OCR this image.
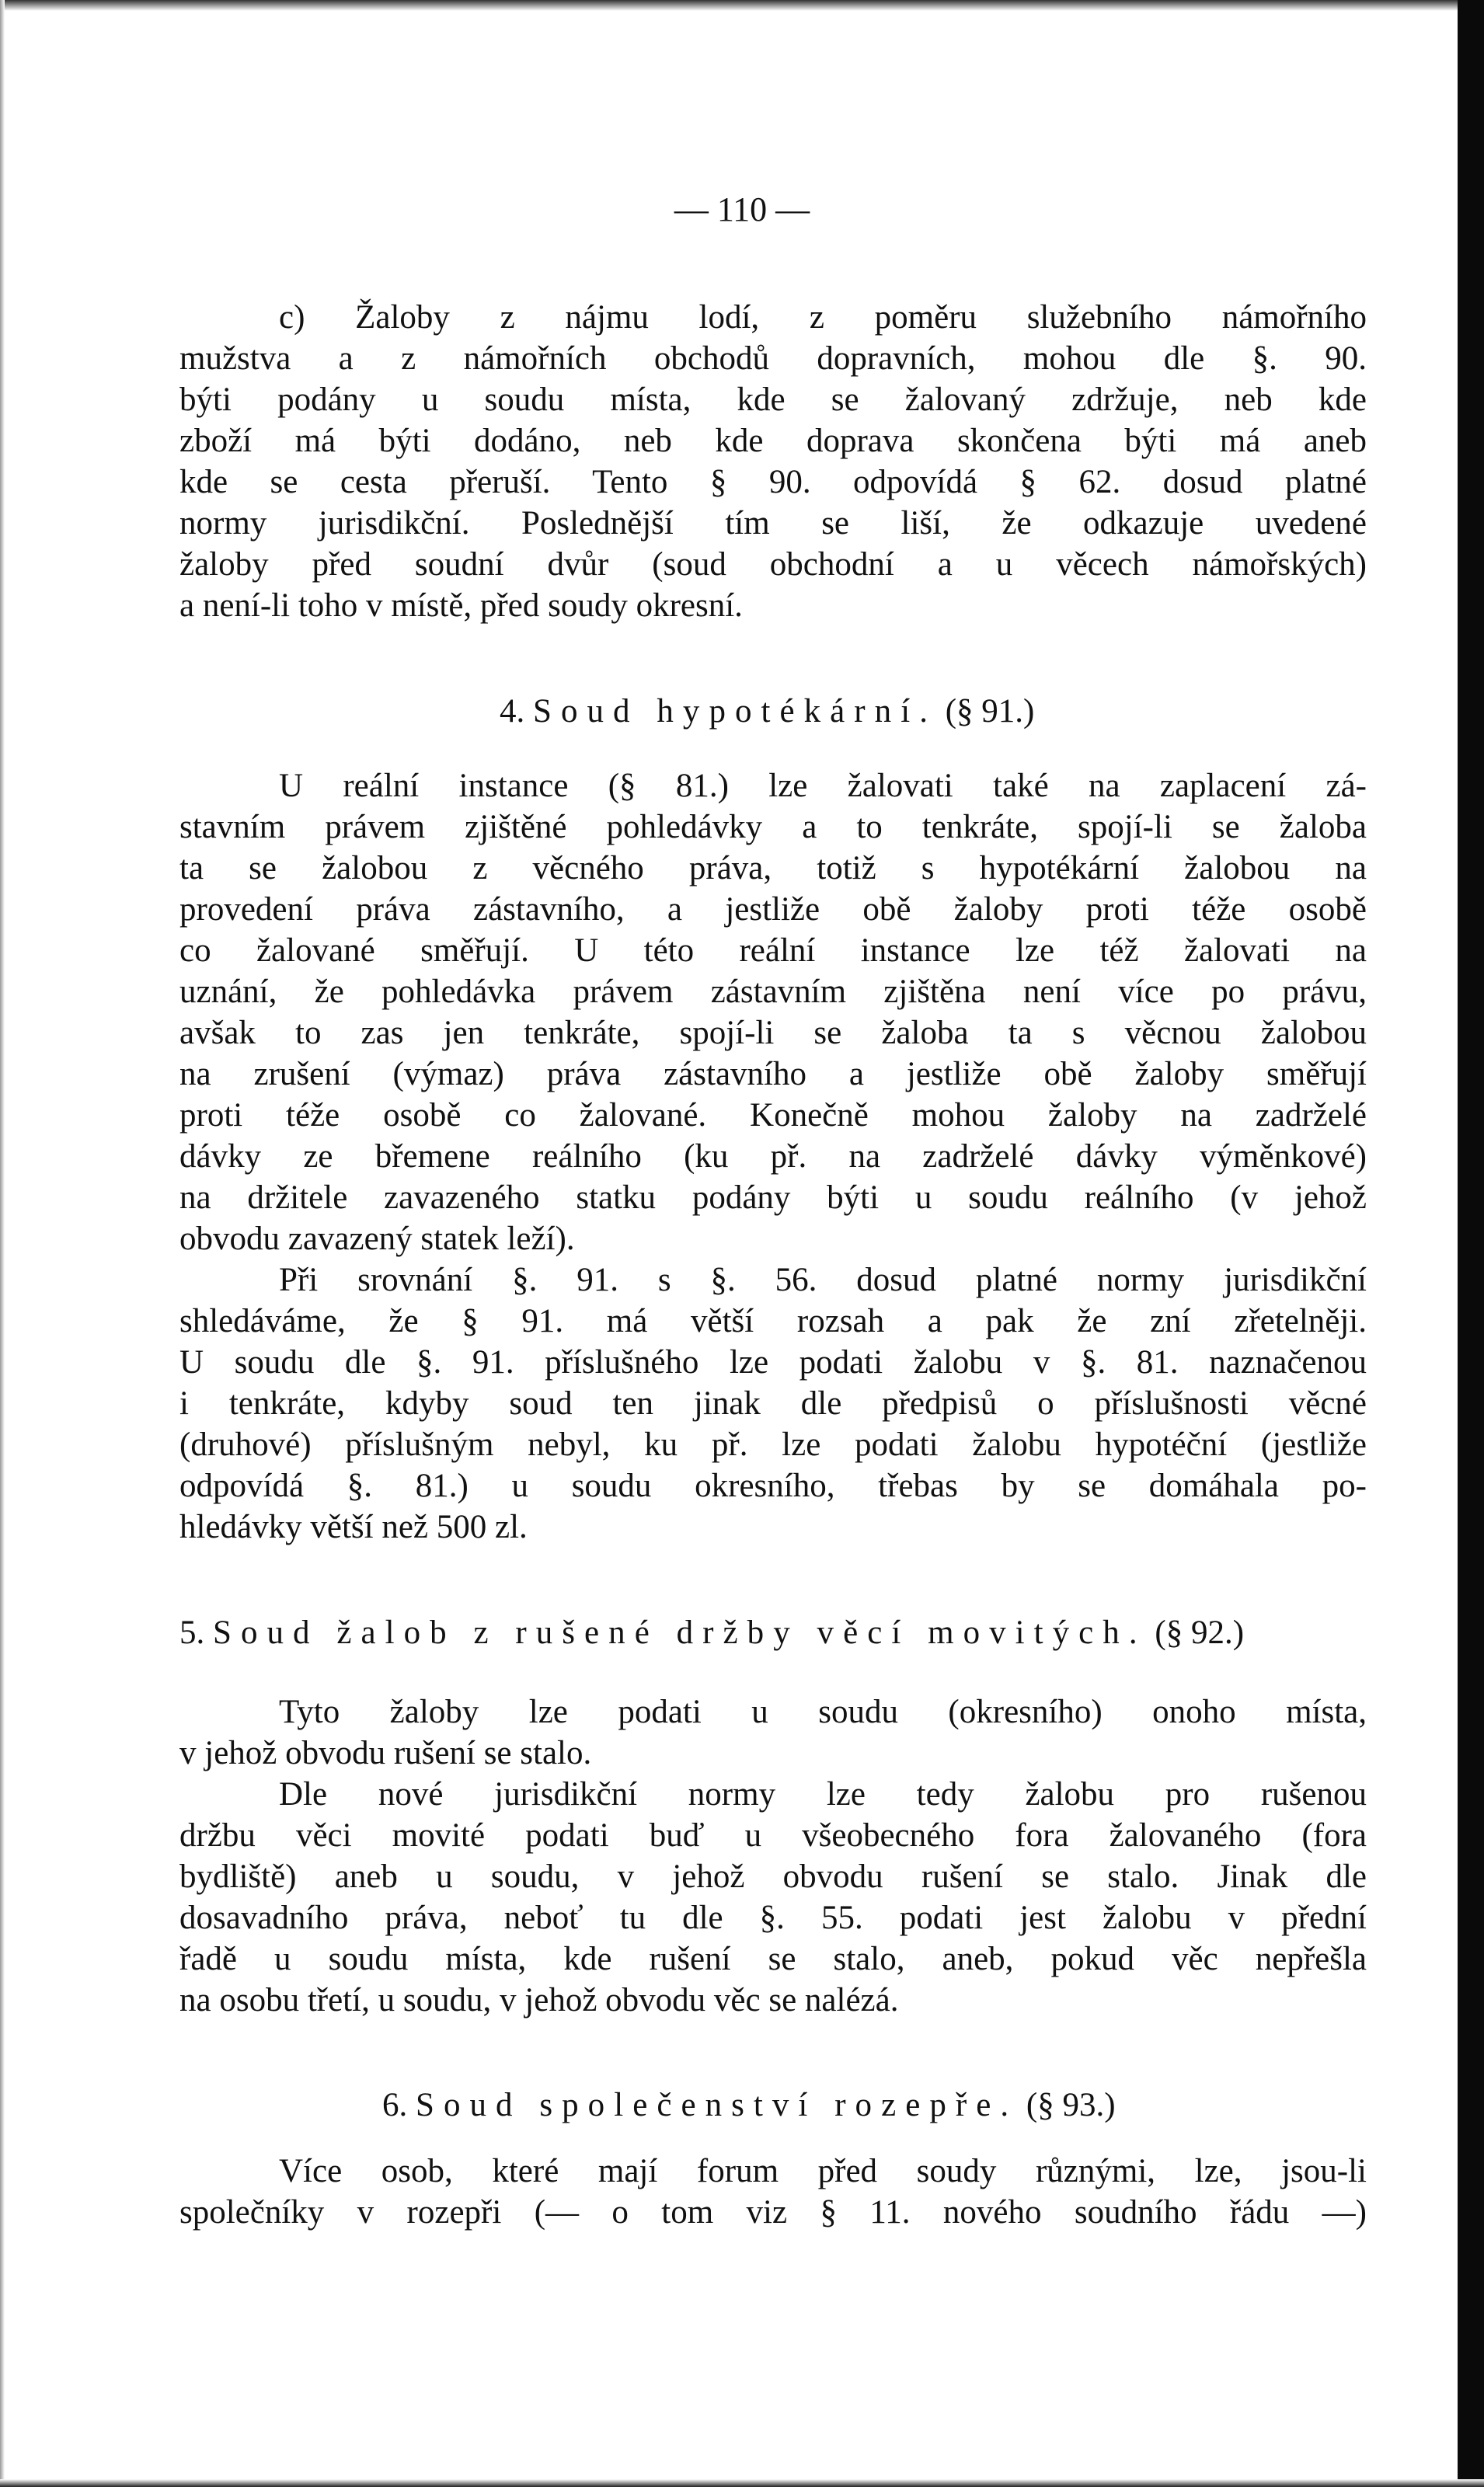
— 110 —
c) Žaloby z nájmu lodí, z poměru služebního námořního
mužstva a z námořních obchodů dopravních, mohou dle §. 90.
býti podány u soudu místa, kde se žalovaný zdržuje, neb kde
zboží má býti dodáno, neb kde doprava skončena býti má aneb
kde se cesta přeruší. Tento § 90. odpovídá § 62. dosud platné
normy jurisdikční. Poslednější tím se liší, že odkazuje uvedené
žaloby před soudní dvůr (soud obchodní a u věcech námořských)
a není-li toho v místě, před soudy okresní.
4. Soud hypotékární. (§ 91.)
U reální instance (§ 81.) lze žalovati také na zaplacení zá-
stavním právem zjištěné pohledávky a to tenkráte, spojí-li se žaloba
ta se žalobou z věcného práva, totiž s hypotékární žalobou na
provedení práva zástavního, a jestliže obě žaloby proti téže osobě
co žalované směřují. U této reální instance lze též žalovati na
uznání, že pohledávka právem zástavním zjištěna není více po právu,
avšak to zas jen tenkráte, spojí-li se žaloba ta s věcnou žalobou
na zrušení (výmaz) práva zástavního a jestliže obě žaloby směřují
proti téže osobě co žalované. Konečně mohou žaloby na zadrželé
dávky ze břemene reálního (ku př. na zadrželé dávky výměnkové)
na držitele zavazeného statku podány býti u soudu reálního (v jehož
obvodu zavazený statek leží).
Při srovnání §. 91. s §. 56. dosud platné normy jurisdikční
shledáváme, že § 91. má větší rozsah a pak že zní zřetelněji.
U soudu dle §. 91. příslušného lze podati žalobu v §. 81. naznačenou
i tenkráte, kdyby soud ten jinak dle předpisů o příslušnosti věcné
(druhové) příslušným nebyl, ku př. lze podati žalobu hypotéční (jestliže
odpovídá §. 81.) u soudu okresního, třebas by se domáhala po-
hledávky větší než 500 zl.
5. Soud žalob z rušené držby věcí movitých. (§ 92.)
Tyto žaloby lze podati u soudu (okresního) onoho místa,
v jehož obvodu rušení se stalo.
Dle nové jurisdikční normy lze tedy žalobu pro rušenou
držbu věci movité podati buď u všeobecného fora žalovaného (fora
bydliště) aneb u soudu, v jehož obvodu rušení se stalo. Jinak dle
dosavadního práva, neboť tu dle §. 55. podati jest žalobu v přední
řadě u soudu místa, kde rušení se stalo, aneb, pokud věc nepřešla
na osobu třetí, u soudu, v jehož obvodu věc se nalézá.
6. Soud společenství rozepře. (§ 93.)
Více osob, které mají forum před soudy různými, lze, jsou-li
společníky v rozepři (— o tom viz § 11. nového soudního řádu —)
